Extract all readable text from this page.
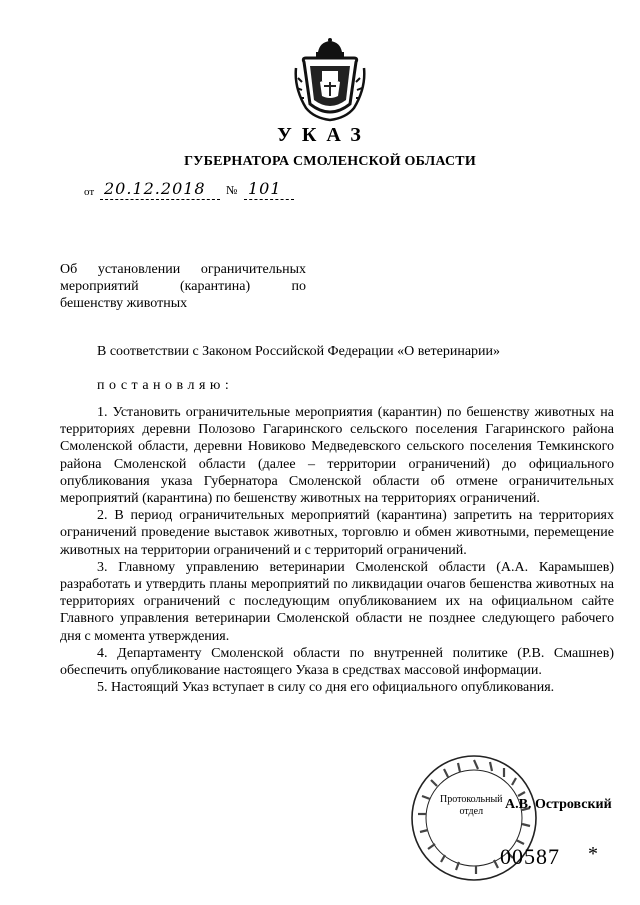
УКАЗ
ГУБЕРНАТОРА СМОЛЕНСКОЙ ОБЛАСТИ
от 20.12.2018 № 101
Об установлении ограничительных
мероприятий (карантина) по
бешенству животных
В соответствии с Законом Российской Федерации «О ветеринарии»
постановляю:

1. Установить ограничительные мероприятия (карантин) по бешенству животных на территориях деревни Полозово Гагаринского сельского поселения Гагаринского района Смоленской области, деревни Новиково Медведевского сельского поселения Темкинского района Смоленской области (далее – территории ограничений) до официального опубликования указа Губернатора Смоленской области об отмене ограничительных мероприятий (карантина) по бешенству животных на территориях ограничений.

2. В период ограничительных мероприятий (карантина) запретить на территориях ограничений проведение выставок животных, торговлю и обмен животными, перемещение животных на территории ограничений и с территорий ограничений.

3. Главному управлению ветеринарии Смоленской области (А.А. Карамышев) разработать и утвердить планы мероприятий по ликвидации очагов бешенства животных на территориях ограничений с последующим опубликованием их на официальном сайте Главного управления ветеринарии Смоленской области не позднее следующего рабочего дня с момента утверждения.

4. Департаменту Смоленской области по внутренней политике (Р.В. Смашнев) обеспечить опубликование настоящего Указа в средствах массовой информации.

5. Настоящий Указ вступает в силу со дня его официального опубликования.

Протокольный
отдел	А.В. Островский
00587 *
